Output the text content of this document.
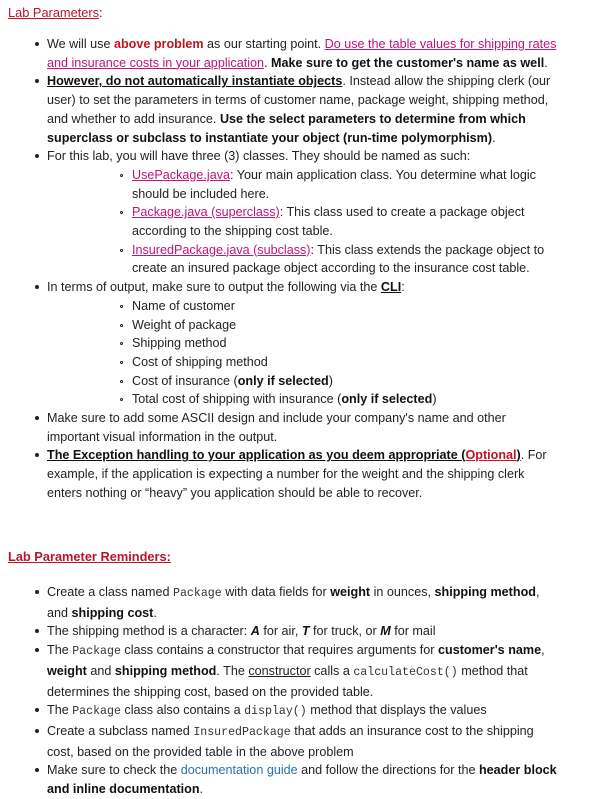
Lab Parameters:
We will use above problem as our starting point. Do use the table values for shipping rates and insurance costs in your application. Make sure to get the customer's name as well.
However, do not automatically instantiate objects. Instead allow the shipping clerk (our user) to set the parameters in terms of customer name, package weight, shipping method, and whether to add insurance. Use the select parameters to determine from which superclass or subclass to instantiate your object (run-time polymorphism).
For this lab, you will have three (3) classes. They should be named as such:
UsePackage.java: Your main application class. You determine what logic should be included here.
Package.java (superclass): This class used to create a package object according to the shipping cost table.
InsuredPackage.java (subclass): This class extends the package object to create an insured package object according to the insurance cost table.
In terms of output, make sure to output the following via the CLI:
Name of customer
Weight of package
Shipping method
Cost of shipping method
Cost of insurance (only if selected)
Total cost of shipping with insurance (only if selected)
Make sure to add some ASCII design and include your company's name and other important visual information in the output.
The Exception handling to your application as you deem appropriate (Optional). For example, if the application is expecting a number for the weight and the shipping clerk enters nothing or “heavy” you application should be able to recover.
Lab Parameter Reminders:
Create a class named Package with data fields for weight in ounces, shipping method, and shipping cost.
The shipping method is a character: A for air, T for truck, or M for mail
The Package class contains a constructor that requires arguments for customer's name, weight and shipping method. The constructor calls a calculateCost() method that determines the shipping cost, based on the provided table.
The Package class also contains a display() method that displays the values
Create a subclass named InsuredPackage that adds an insurance cost to the shipping cost, based on the provided table in the above problem
Make sure to check the documentation guide and follow the directions for the header block and inline documentation.
